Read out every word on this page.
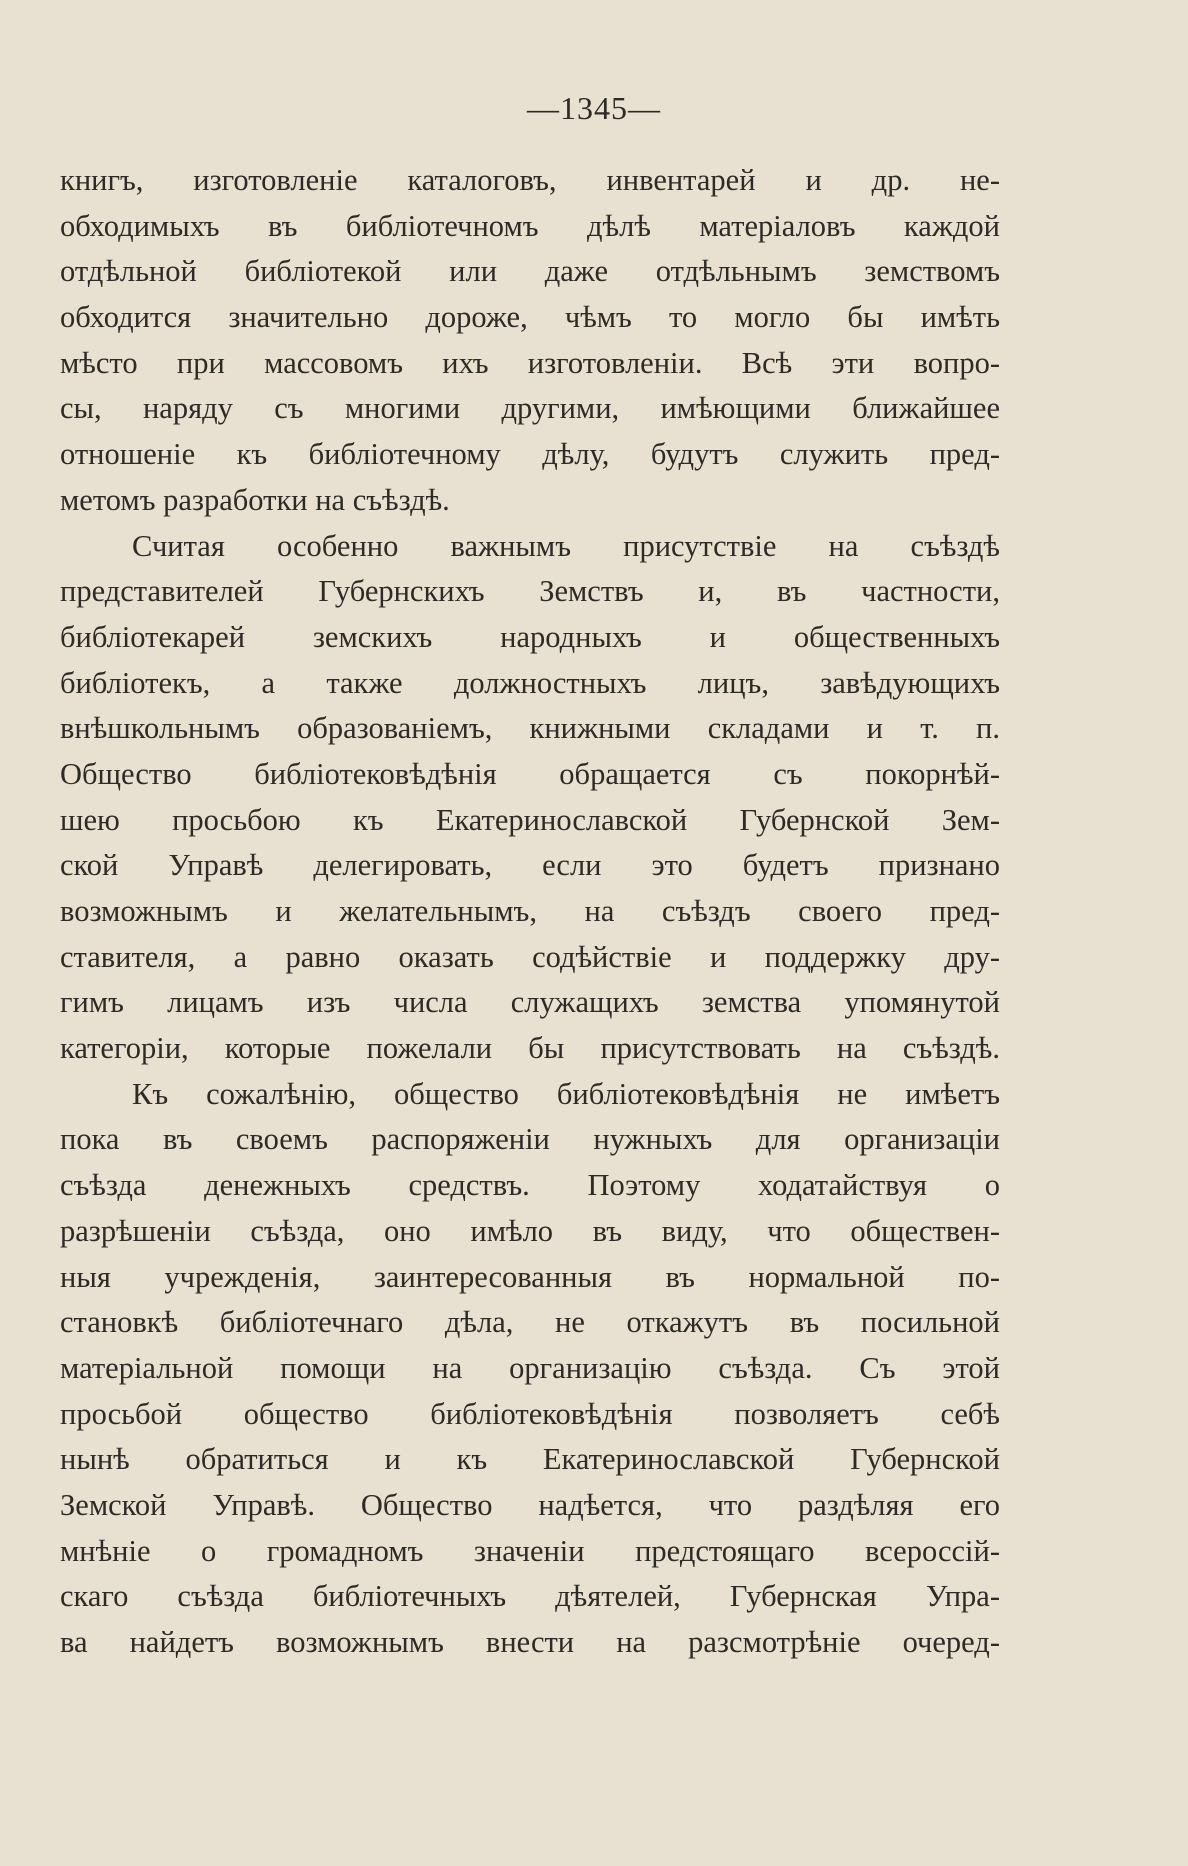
—1345—
книгъ, изготовленіе каталоговъ, инвентарей и др. не-
обходимыхъ въ библіотечномъ дѣлѣ матеріаловъ каждой
отдѣльной библіотекой или даже отдѣльнымъ земствомъ
обходится значительно дороже, чѣмъ то могло бы имѣть
мѣсто при массовомъ ихъ изготовленіи. Всѣ эти вопро-
сы, наряду съ многими другими, имѣющими ближайшее
отношеніе къ библіотечному дѣлу, будутъ служить пред-
метомъ разработки на съѣздѣ.
Считая особенно важнымъ присутствіе на съѣздѣ
представителей Губернскихъ Земствъ и, въ частности,
библіотекарей земскихъ народныхъ и общественныхъ
библіотекъ, а также должностныхъ лицъ, завѣдующихъ
внѣшкольнымъ образованіемъ, книжными складами и т. п.
Общество библіотековѣдѣнія обращается съ покорнѣй-
шею просьбою къ Екатеринославской Губернской Зем-
ской Управѣ делегировать, если это будетъ признано
возможнымъ и желательнымъ, на съѣздъ своего пред-
ставителя, а равно оказать содѣйствіе и поддержку дру-
гимъ лицамъ изъ числа служащихъ земства упомянутой
категоріи, которые пожелали бы присутствовать на съѣздѣ.
Къ сожалѣнію, общество библіотековѣдѣнія не имѣетъ
пока въ своемъ распоряженіи нужныхъ для организаціи
съѣзда денежныхъ средствъ. Поэтому ходатайствуя о
разрѣшеніи съѣзда, оно имѣло въ виду, что обществен-
ныя учрежденія, заинтересованныя въ нормальной по-
становкѣ библіотечнаго дѣла, не откажутъ въ посильной
матеріальной помощи на организацію съѣзда. Съ этой
просьбой общество библіотековѣдѣнія позволяетъ себѣ
нынѣ обратиться и къ Екатеринославской Губернской
Земской Управѣ. Общество надѣется, что раздѣляя его
мнѣніе о громадномъ значеніи предстоящаго всероссій-
скаго съѣзда библіотечныхъ дѣятелей, Губернская Упра-
ва найдетъ возможнымъ внести на разсмотрѣніе очеред-
